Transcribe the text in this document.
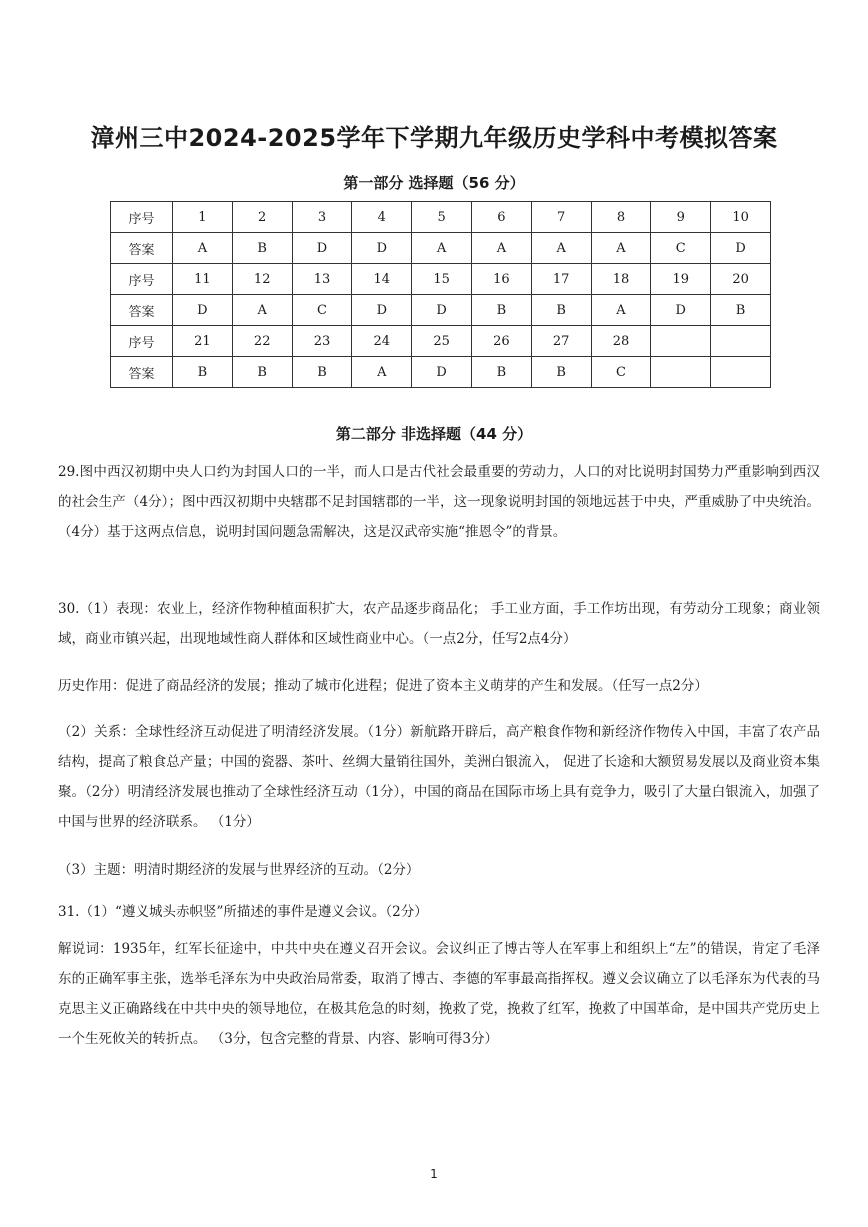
漳州三中2024-2025学年下学期九年级历史学科中考模拟答案
第一部分 选择题（56 分）
序号	1	2	3	4	5	6	7	8	9	10
答案	A	B	D	D	A	A	A	A	C	D
序号	11	12	13	14	15	16	17	18	19	20
答案	D	A	C	D	D	B	B	A	D	B
序号	21	22	23	24	25	26	27	28		
答案	B	B	B	A	D	B	B	C		
第二部分 非选择题（44 分）

29.图中西汉初期中央人口约为封国人口的一半，而人口是古代社会最重要的劳动力，人口的对比说明封国势力严重影响到西汉的社会生产（4分）；图中西汉初期中央辖郡不足封国辖郡的一半，这一现象说明封国的领地远甚于中央，严重威胁了中央统治。（4分）基于这两点信息，说明封国问题急需解决，这是汉武帝实施“推恩令”的背景。

30.（1）表现：农业上，经济作物种植面积扩大，农产品逐步商品化； 手工业方面，手工作坊出现，有劳动分工现象；商业领域，商业市镇兴起，出现地域性商人群体和区域性商业中心。（一点2分，任写2点4分）

历史作用：促进了商品经济的发展；推动了城市化进程；促进了资本主义萌芽的产生和发展。（任写一点2分）

（2）关系：全球性经济互动促进了明清经济发展。（1分）新航路开辟后，高产粮食作物和新经济作物传入中国，丰富了农产品结构，提高了粮食总产量；中国的瓷器、茶叶、丝绸大量销往国外，美洲白银流入， 促进了长途和大额贸易发展以及商业资本集聚。（2分）明清经济发展也推动了全球性经济互动（1分），中国的商品在国际市场上具有竞争力，吸引了大量白银流入，加强了中国与世界的经济联系。 （1分）

（3）主题：明清时期经济的发展与世界经济的互动。（2分）

31.（1）“遵义城头赤帜竖”所描述的事件是遵义会议。（2分）

解说词：1935年，红军长征途中，中共中央在遵义召开会议。会议纠正了博古等人在军事上和组织上“左”的错误，肯定了毛泽东的正确军事主张，选举毛泽东为中央政治局常委，取消了博古、李德的军事最高指挥权。遵义会议确立了以毛泽东为代表的马克思主义正确路线在中共中央的领导地位，在极其危急的时刻，挽救了党，挽救了红军，挽救了中国革命，是中国共产党历史上一个生死攸关的转折点。 （3分，包含完整的背景、内容、影响可得3分）

1
